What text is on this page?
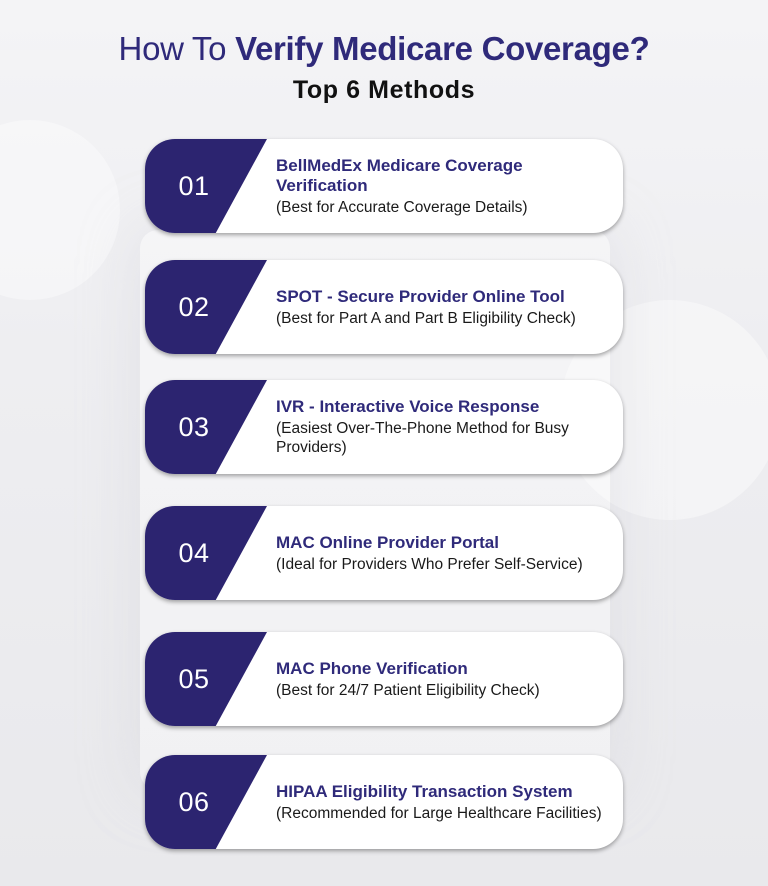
How To Verify Medicare Coverage?
Top 6 Methods
01
BellMedEx Medicare Coverage Verification
(Best for Accurate Coverage Details)
02	SPOT - Secure Provider Online Tool
(Best for Part A and Part B Eligibility Check)
03
IVR - Interactive Voice Response
(Easiest Over-The-Phone Method for Busy Providers)
04	MAC Online Provider Portal
(Ideal for Providers Who Prefer Self-Service)
05	MAC Phone Verification
(Best for 24/7 Patient Eligibility Check)
06	HIPAA Eligibility Transaction System
(Recommended for Large Healthcare Facilities)
